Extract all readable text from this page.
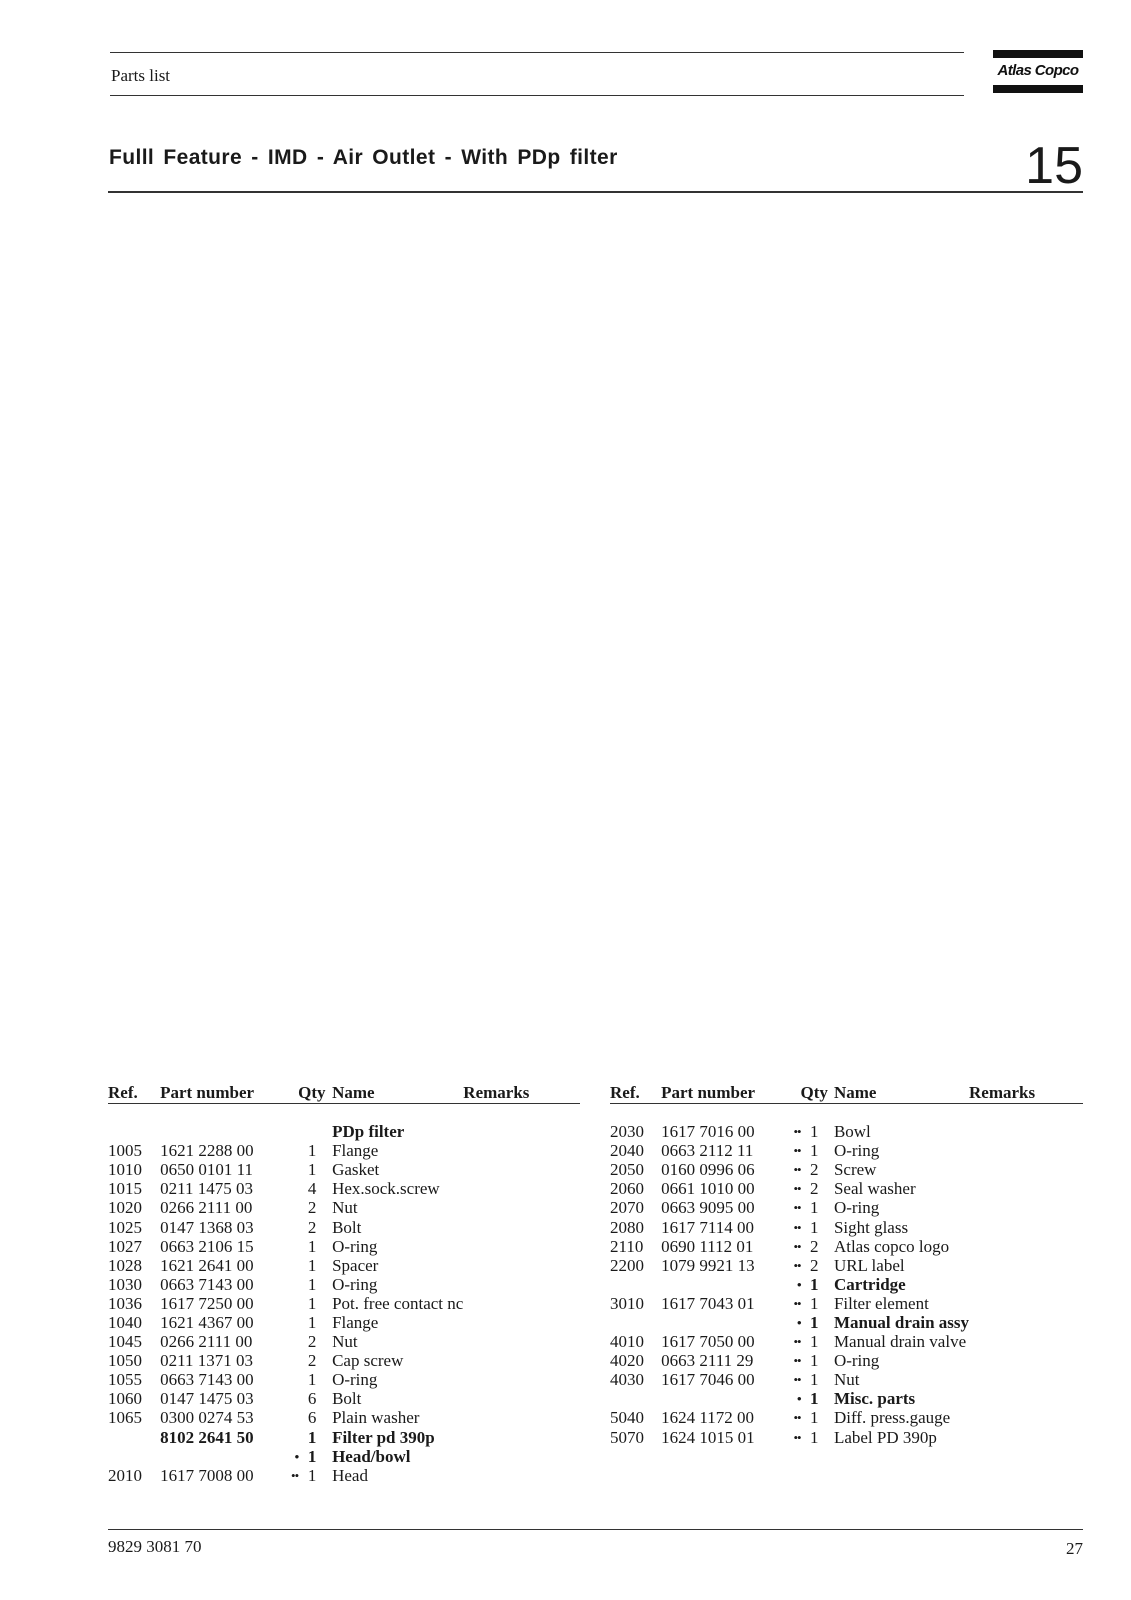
Parts list	Atlas Copco
Fulll Feature - IMD - Air Outlet - With PDp filter	15
Ref.	Part number		Qty	Name	Remarks

				PDp filter	
1005	1621 2288 00		1	Flange	
1010	0650 0101 11		1	Gasket	
1015	0211 1475 03		4	Hex.sock.screw	
1020	0266 2111 00		2	Nut	
1025	0147 1368 03		2	Bolt	
1027	0663 2106 15		1	O-ring	
1028	1621 2641 00		1	Spacer	
1030	0663 7143 00		1	O-ring	
1036	1617 7250 00		1	Pot. free contact nc	
1040	1621 4367 00		1	Flange	
1045	0266 2111 00		2	Nut	
1050	0211 1371 03		2	Cap screw	
1055	0663 7143 00		1	O-ring	
1060	0147 1475 03		6	Bolt	
1065	0300 0274 53		6	Plain washer	
	8102 2641 50		1	Filter pd 390p	
		•	1	Head/bowl	
2010	1617 7008 00	••	1	Head	
Ref.	Part number		Qty	Name	Remarks

2030	1617 7016 00	••	1	Bowl	
2040	0663 2112 11	••	1	O-ring	
2050	0160 0996 06	••	2	Screw	
2060	0661 1010 00	••	2	Seal washer	
2070	0663 9095 00	••	1	O-ring	
2080	1617 7114 00	••	1	Sight glass	
2110	0690 1112 01	••	2	Atlas copco logo	
2200	1079 9921 13	••	2	URL label	
		•	1	Cartridge	
3010	1617 7043 01	••	1	Filter element	
		•	1	Manual drain assy	
4010	1617 7050 00	••	1	Manual drain valve	
4020	0663 2111 29	••	1	O-ring	
4030	1617 7046 00	••	1	Nut	
		•	1	Misc. parts	
5040	1624 1172 00	••	1	Diff. press.gauge	
5070	1624 1015 01	••	1	Label PD 390p	
9829 3081 70	27
